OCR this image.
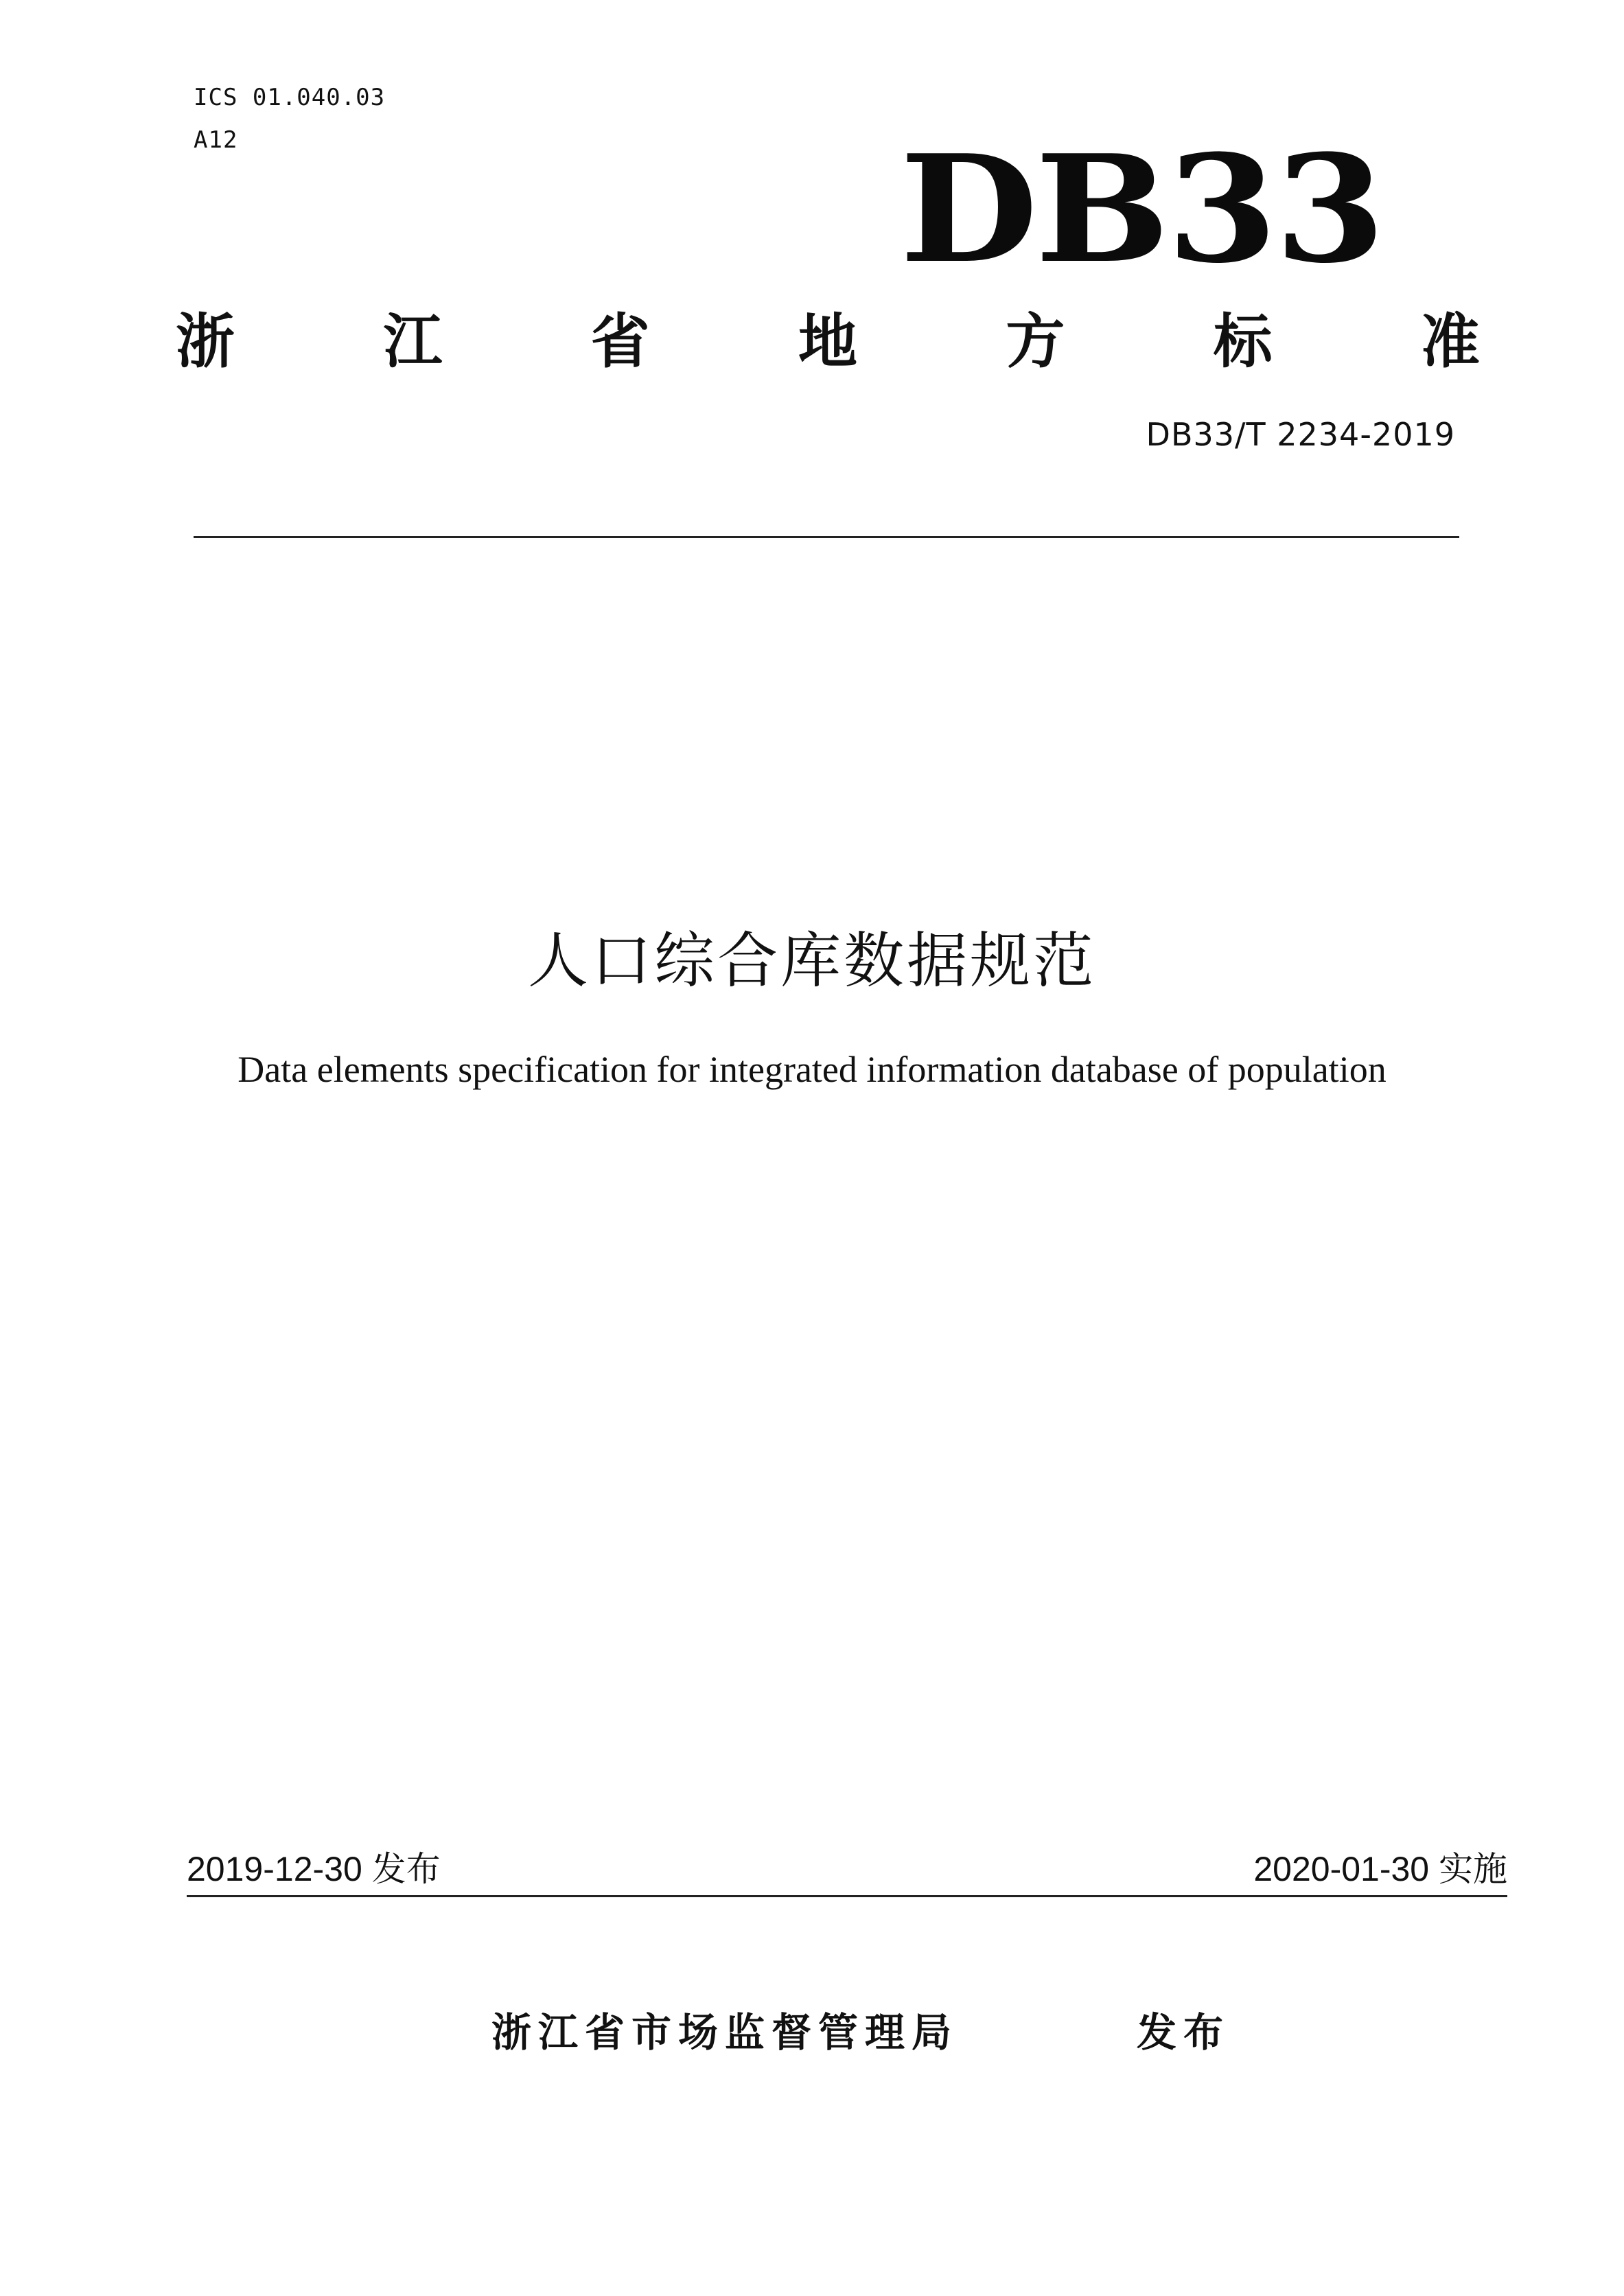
ICS 01.040.03
A12	DB33
浙	江	省	地	方	标	准
DB33/T 2234-2019
人口综合库数据规范
Data elements specification for integrated information database of population
2019-12-30 发布	2020-01-30 实施
浙江省市场监督管理局	发布
